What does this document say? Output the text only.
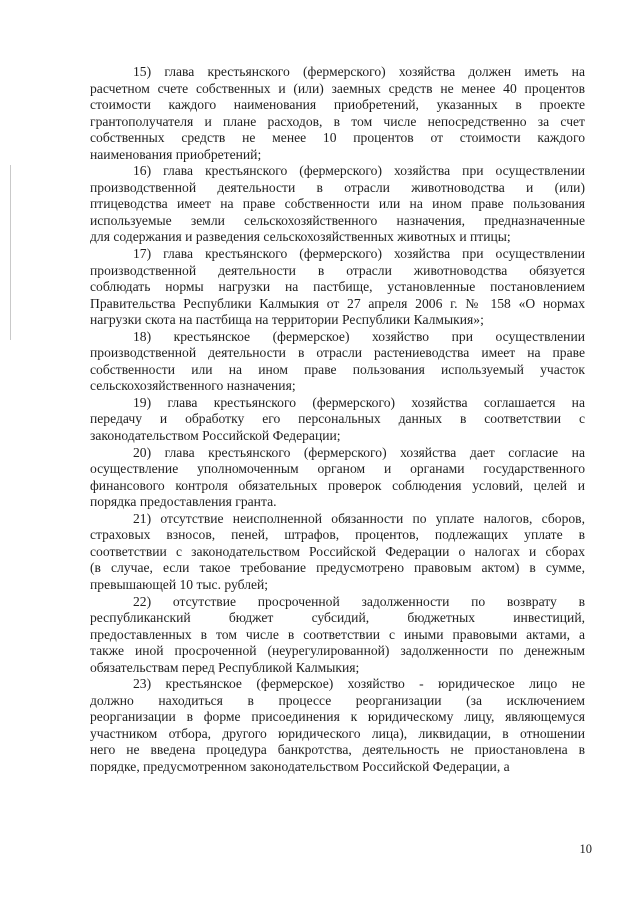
15) глава крестьянского (фермерского) хозяйства должен иметь на
расчетном счете собственных и (или) заемных средств не менее 40 процентов
стоимости каждого наименования приобретений, указанных в проекте
грантополучателя и плане расходов, в том числе непосредственно за счет
собственных средств не менее 10 процентов от стоимости каждого
наименования приобретений;
16) глава крестьянского (фермерского) хозяйства при осуществлении
производственной деятельности в отрасли животноводства и (или)
птицеводства имеет на праве собственности или на ином праве пользования
используемые земли сельскохозяйственного назначения, предназначенные
для содержания и разведения сельскохозяйственных животных и птицы;
17) глава крестьянского (фермерского) хозяйства при осуществлении
производственной деятельности в отрасли животноводства обязуется
соблюдать нормы нагрузки на пастбище, установленные постановлением
Правительства Республики Калмыкия от 27 апреля 2006 г. № 158 «О нормах
нагрузки скота на пастбища на территории Республики Калмыкия»;
18) крестьянское (фермерское) хозяйство при осуществлении
производственной деятельности в отрасли растениеводства имеет на праве
собственности или на ином праве пользования используемый участок
сельскохозяйственного назначения;
19) глава крестьянского (фермерского) хозяйства соглашается на
передачу и обработку его персональных данных в соответствии с
законодательством Российской Федерации;
20) глава крестьянского (фермерского) хозяйства дает согласие на
осуществление уполномоченным органом и органами государственного
финансового контроля обязательных проверок соблюдения условий, целей и
порядка предоставления гранта.
21) отсутствие неисполненной обязанности по уплате налогов, сборов,
страховых взносов, пеней, штрафов, процентов, подлежащих уплате в
соответствии с законодательством Российской Федерации о налогах и сборах
(в случае, если такое требование предусмотрено правовым актом) в сумме,
превышающей 10 тыс. рублей;
22) отсутствие просроченной задолженности по возврату в
республиканский бюджет субсидий, бюджетных инвестиций,
предоставленных в том числе в соответствии с иными правовыми актами, а
также иной просроченной (неурегулированной) задолженности по денежным
обязательствам перед Республикой Калмыкия;
23) крестьянское (фермерское) хозяйство - юридическое лицо не
должно находиться в процессе реорганизации (за исключением
реорганизации в форме присоединения к юридическому лицу, являющемуся
участником отбора, другого юридического лица), ликвидации, в отношении
него не введена процедура банкротства, деятельность не приостановлена в
порядке, предусмотренном законодательством Российской Федерации, а
10
